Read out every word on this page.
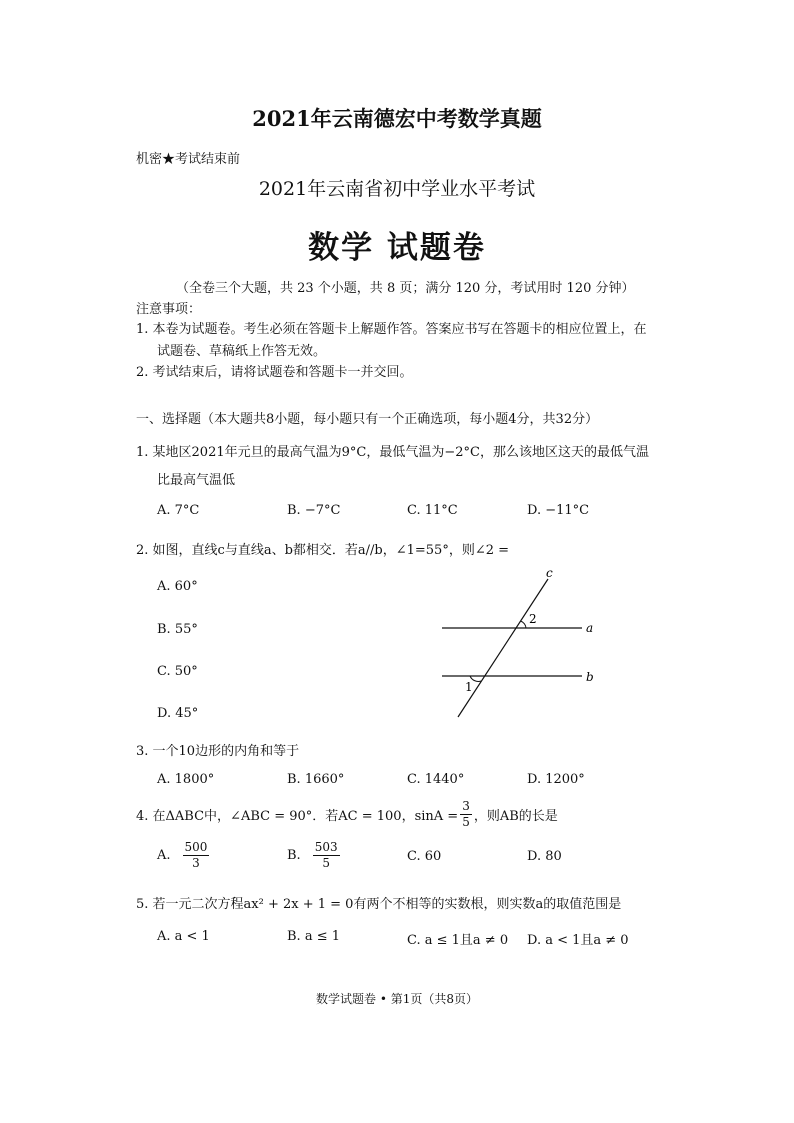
2021年云南德宏中考数学真题
机密★考试结束前
2021年云南省初中学业水平考试
数学 试题卷
（全卷三个大题，共 23 个小题，共 8 页；满分 120 分，考试用时 120 分钟）
注意事项：
1. 本卷为试题卷。考生必须在答题卡上解题作答。答案应书写在答题卡的相应位置上，在
试题卷、草稿纸上作答无效。
2. 考试结束后，请将试题卷和答题卡一并交回。
一、选择题（本大题共8小题，每小题只有一个正确选项，每小题4分，共32分）
1. 某地区2021年元旦的最高气温为9°C，最低气温为−2°C，那么该地区这天的最低气温
比最高气温低
A. 7°C	B. −7°C	C. 11°C	D. −11°C
2. 如图，直线c与直线a、b都相交．若a//b，∠1=55°，则∠2 =
A. 60°
B. 55°
C. 50°
D. 45°
c
a
b
2
1
3. 一个10边形的内角和等于
A. 1800°	B. 1660°	C. 1440°	D. 1200°
4. 在ΔABC中，∠ABC = 90°．若AC = 100，$\sin A = \frac{3}{5}$ ，则AB的长是
A. $\frac{500}{3}$	B. $\frac{503}{5}$	C. 60	D. 80
5. 若一元二次方程ax² + 2x + 1 = 0有两个不相等的实数根，则实数a的取值范围是
A. a < 1	B. a ≤ 1	C. a ≤ 1且a ≠ 0 D. a < 1且a ≠ 0
数学试题卷 • 第1页（共8页）
